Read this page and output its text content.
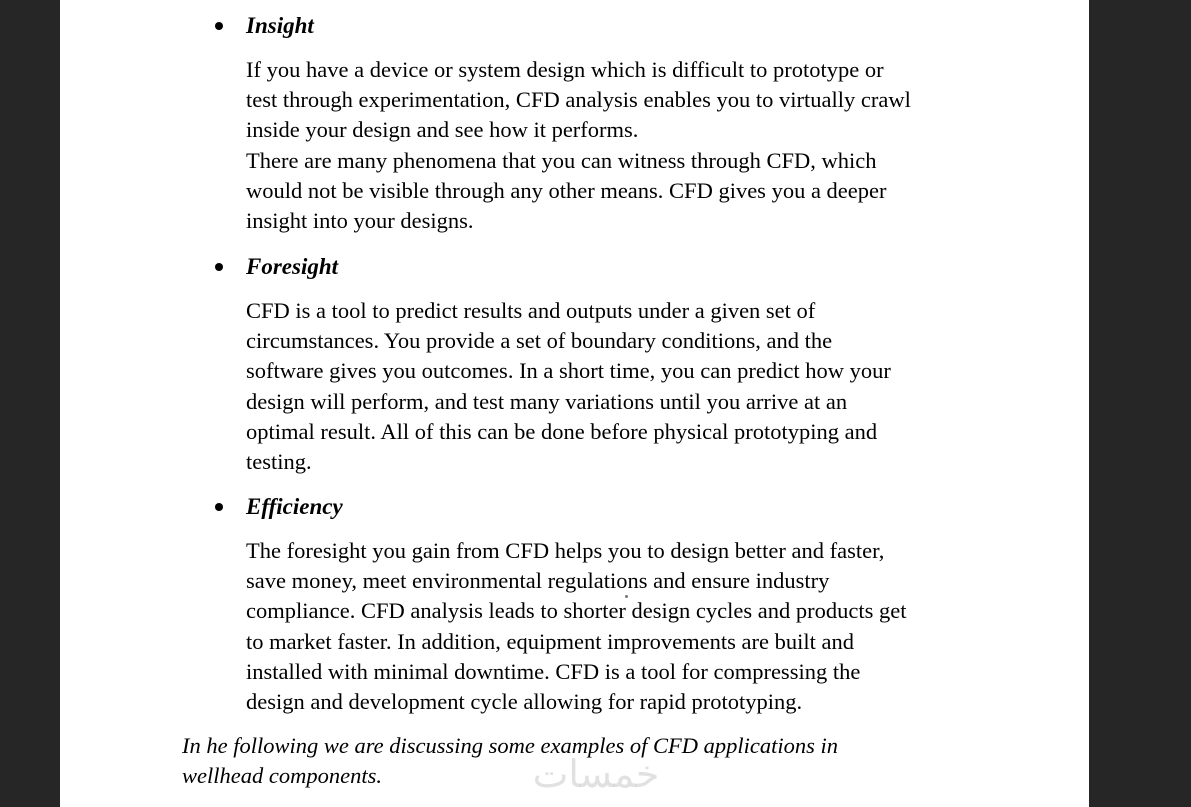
Insight

If you have a device or system design which is difficult to prototype or
test through experimentation, CFD analysis enables you to virtually crawl
inside your design and see how it performs.
There are many phenomena that you can witness through CFD, which
would not be visible through any other means. CFD gives you a deeper
insight into your designs.

Foresight

CFD is a tool to predict results and outputs under a given set of
circumstances. You provide a set of boundary conditions, and the
software gives you outcomes. In a short time, you can predict how your
design will perform, and test many variations until you arrive at an
optimal result. All of this can be done before physical prototyping and
testing.

Efficiency

The foresight you gain from CFD helps you to design better and faster,
save money, meet environmental regulations and ensure industry
compliance. CFD analysis leads to shorter design cycles and products get
to market faster. In addition, equipment improvements are built and
installed with minimal downtime. CFD is a tool for compressing the
design and development cycle allowing for rapid prototyping.

In he following we are discussing some examples of CFD applications in
wellhead components.	خمسات
